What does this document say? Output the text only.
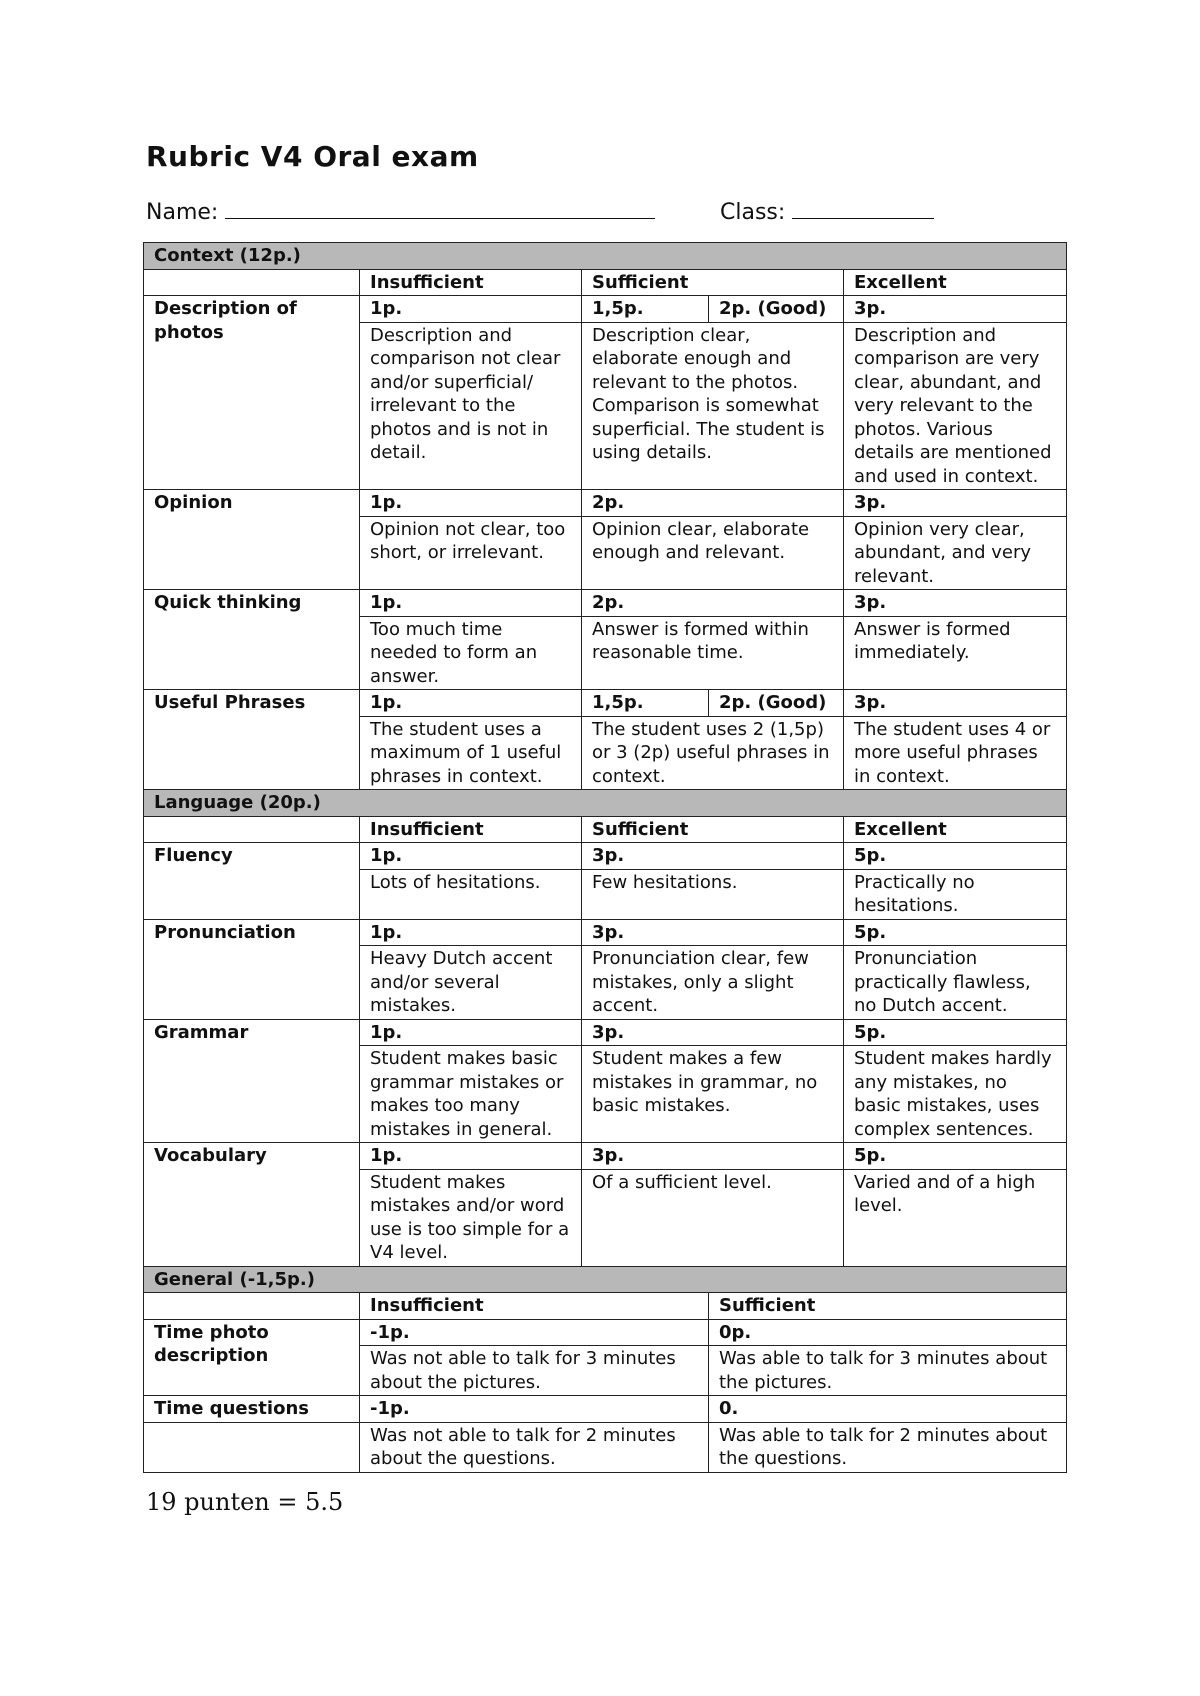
Rubric V4 Oral exam
Name:	Class:
Context (12p.)				
	Insufficient	Sufficient		Excellent
Description of photos	1p.	1,5p.	2p. (Good)	3p.
	Description and comparison not clear and/or superficial/ irrelevant to the photos and is not in detail.	Description clear, elaborate enough and relevant to the photos. Comparison is somewhat superficial. The student is using details.		Description and comparison are very clear, abundant, and very relevant to the photos. Various details are mentioned and used in context.
Opinion	1p.	2p.		3p.
	Opinion not clear, too short, or irrelevant.	Opinion clear, elaborate enough and relevant.		Opinion very clear, abundant, and very relevant.
Quick thinking	1p.	2p.		3p.
	Too much time needed to form an answer.	Answer is formed within reasonable time.		Answer is formed immediately.
Useful Phrases	1p.	1,5p.	2p. (Good)	3p.
	The student uses a maximum of 1 useful phrases in context.	The student uses 2 (1,5p) or 3 (2p) useful phrases in context.		The student uses 4 or more useful phrases in context.
Language (20p.)				
	Insufficient	Sufficient		Excellent
Fluency	1p.	3p.		5p.
	Lots of hesitations.	Few hesitations.		Practically no hesitations.
Pronunciation	1p.	3p.		5p.
	Heavy Dutch accent and/or several mistakes.	Pronunciation clear, few mistakes, only a slight accent.		Pronunciation practically flawless, no Dutch accent.
Grammar	1p.	3p.		5p.
	Student makes basic grammar mistakes or makes too many mistakes in general.	Student makes a few mistakes in grammar, no basic mistakes.		Student makes hardly any mistakes, no basic mistakes, uses complex sentences.
Vocabulary	1p.	3p.		5p.
	Student makes mistakes and/or word use is too simple for a V4 level.	Of a sufficient level.		Varied and of a high level.
General (-1,5p.)				
	Insufficient		Sufficient	
Time photo description	-1p.		0p.	
	Was not able to talk for 3 minutes about the pictures.		Was able to talk for 3 minutes about the pictures.	
Time questions	-1p.		0.	
	Was not able to talk for 2 minutes about the questions.		Was able to talk for 2 minutes about the questions.	
19 punten = 5.5
